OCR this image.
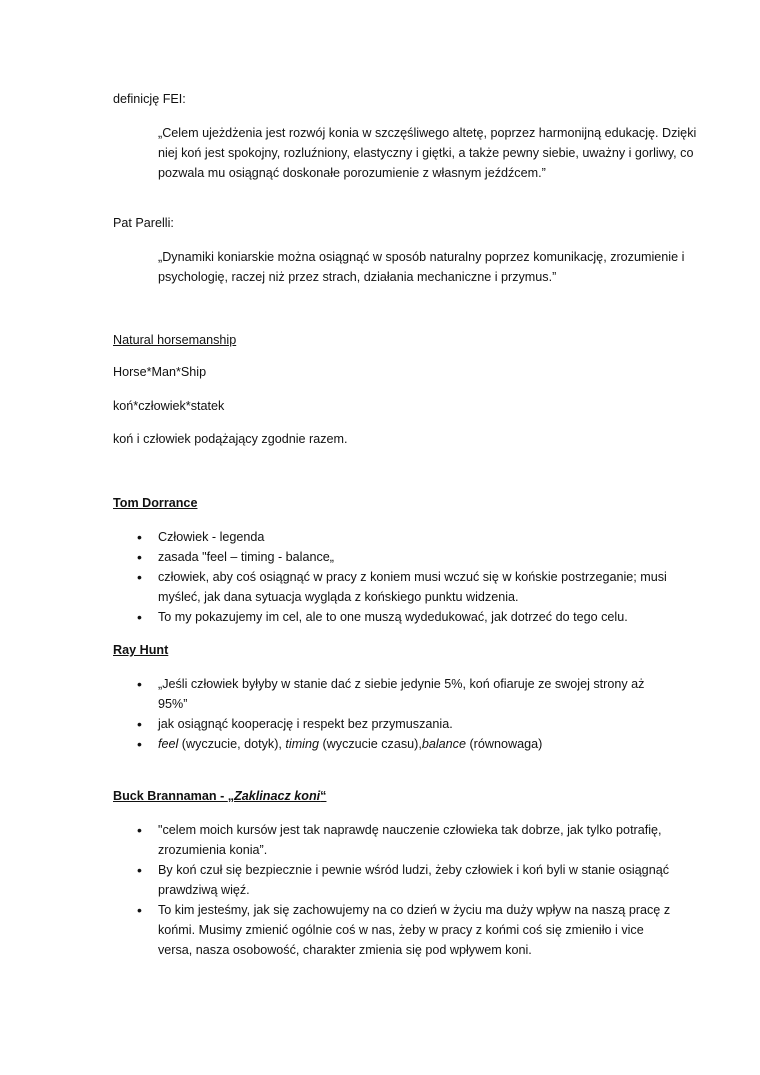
definicję FEI:
„Celem ujeżdżenia jest rozwój konia w szczęśliwego altetę, poprzez harmonijną edukację. Dzięki niej koń jest spokojny, rozluźniony, elastyczny i giętki, a także pewny siebie, uważny i gorliwy, co pozwala mu osiągnąć doskonałe porozumienie z własnym jeźdźcem.”
Pat Parelli:
„Dynamiki koniarskie można osiągnąć w sposób naturalny poprzez komunikację, zrozumienie i psychologię, raczej niż przez strach, działania mechaniczne i przymus.”
Natural horsemanship
Horse*Man*Ship
koń*człowiek*statek
koń i człowiek podążający zgodnie razem.
Tom Dorrance
• Człowiek - legenda
• zasada "feel – timing - balance„
• człowiek, aby coś osiągnąć w pracy z koniem musi wczuć się w końskie postrzeganie; musi myśleć, jak dana sytuacja wygląda z końskiego punktu widzenia.
• To my pokazujemy im cel, ale to one muszą wydedukować, jak dotrzeć do tego celu.
Ray Hunt
• „Jeśli człowiek byłyby w stanie dać z siebie jedynie 5%, koń ofiaruje ze swojej strony aż 95%”
• jak osiągnąć kooperację i respekt bez przymuszania.
• feel (wyczucie, dotyk), timing (wyczucie czasu),balance (równowaga)
Buck Brannaman - „Zaklinacz koni“
• "celem moich kursów jest tak naprawdę nauczenie człowieka tak dobrze, jak tylko potrafię, zrozumienia konia”.
• By koń czuł się bezpiecznie i pewnie wśród ludzi, żeby człowiek i koń byli w stanie osiągnąć prawdziwą więź.
• To kim jesteśmy, jak się zachowujemy na co dzień w życiu ma duży wpływ na naszą pracę z końmi. Musimy zmienić ogólnie coś w nas, żeby w pracy z końmi coś się zmieniło i vice versa, nasza osobowość, charakter zmienia się pod wpływem koni.
